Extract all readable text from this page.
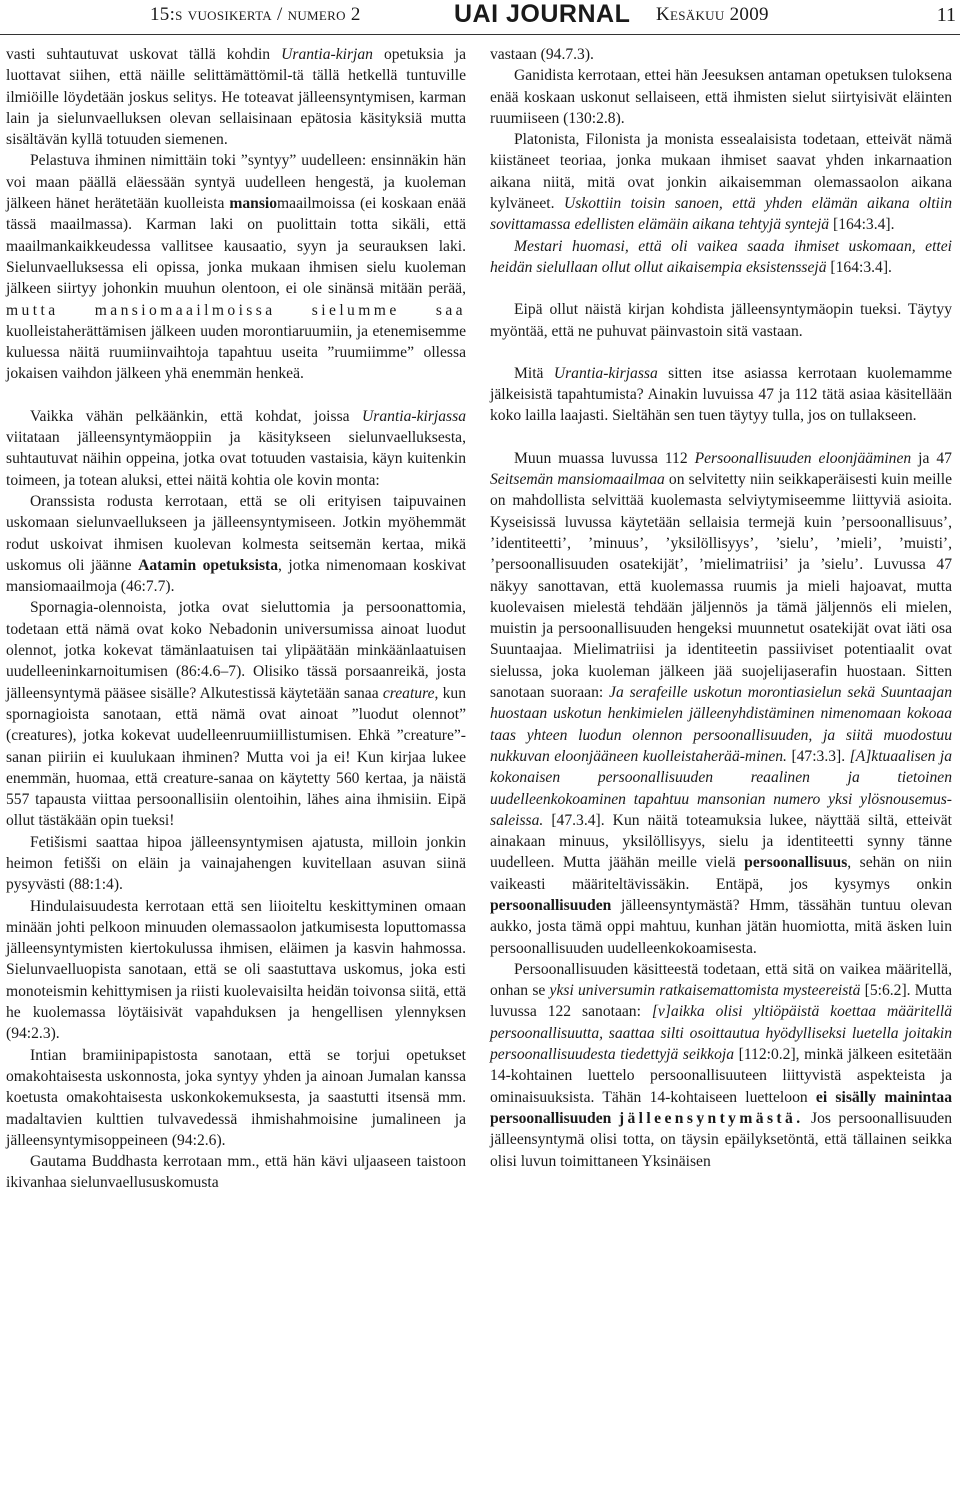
15:s vuosikerta / numero 2	UAI JOURNAL Kesäkuu 2009	11

vasti suhtautuvat uskovat tällä kohdin Urantia-kirjan opetuksia ja luottavat siihen, että näille selittämättömil-tä tällä hetkellä tuntuville ilmiöille löydetään joskus selitys. He toteavat jälleensyntymisen, karman lain ja sielunvaelluksen olevan sellaisinaan epätosia käsityksiä mutta sisältävän kyllä totuuden siemenen.

Pelastuva ihminen nimittäin toki ”syntyy” uudelleen: ensinnäkin hän voi maan päällä eläessään syntyä uudelleen hengestä, ja kuoleman jälkeen hänet herätetään kuolleista mansiomaailmoissa (ei koskaan enää tässä maailmassa). Karman laki on puolittain totta sikäli, että maailmankaikkeudessa vallitsee kausaatio, syyn ja seurauksen laki. Sielunvaelluksessa eli opissa, jonka mukaan ihmisen sielu kuoleman jälkeen siirtyy johonkin muuhun olentoon, ei ole sinänsä mitään perää, mutta mansiomaailmoissa sielumme saa kuolleistaherättämisen jälkeen uuden morontiaruumiin, ja etenemisemme kuluessa näitä ruumiinvaihtoja tapahtuu useita ”ruumiimme” ollessa jokaisen vaihdon jälkeen yhä enemmän henkeä.

Vaikka vähän pelkäänkin, että kohdat, joissa Urantia-kirjassa viitataan jälleensyntymäoppiin ja käsitykseen sielunvaelluksesta, suhtautuvat näihin oppeina, jotka ovat totuuden vastaisia, käyn kuitenkin toimeen, ja totean aluksi, ettei näitä kohtia ole kovin monta:

Oranssista rodusta kerrotaan, että se oli erityisen taipuvainen uskomaan sielunvaellukseen ja jälleensyntymiseen. Jotkin myöhemmät rodut uskoivat ihmisen kuolevan kolmesta seitsemän kertaa, mikä uskomus oli jäänne Aatamin opetuksista, jotka nimenomaan koskivat mansiomaailmoja (46:7.7).

Spornagia-olennoista, jotka ovat sieluttomia ja persoonattomia, todetaan että nämä ovat koko Nebadonin universumissa ainoat luodut olennot, jotka kokevat tämänlaatuisen tai ylipäätään minkäänlaatuisen uudelleeninkarnoitumisen (86:4.6–7). Olisiko tässä porsaanreikä, josta jälleensyntymä pääsee sisälle? Alkutestissä käytetään sanaa creature, kun spornagioista sanotaan, että nämä ovat ainoat ”luodut olennot” (creatures), jotka kokevat uudelleenruumiillistumisen. Ehkä ”creature”-sanan piiriin ei kuulukaan ihminen? Mutta voi ja ei! Kun kirjaa lukee enemmän, huomaa, että creature-sanaa on käytetty 560 kertaa, ja näistä 557 tapausta viittaa persoonallisiin olentoihin, lähes aina ihmisiin. Eipä ollut tästäkään opin tueksi!

Fetišismi saattaa hipoa jälleensyntymisen ajatusta, milloin jonkin heimon fetišši on eläin ja vainajahengen kuvitellaan asuvan siinä pysyvästi (88:1:4).

Hindulaisuudesta kerrotaan että sen liioiteltu keskittyminen omaan minään johti pelkoon minuuden olemassaolon jatkumisesta loputtomassa jälleensyntymisten kiertokulussa ihmisen, eläimen ja kasvin hahmossa. Sielunvaelluopista sanotaan, että se oli saastuttava uskomus, joka esti monoteismin kehittymisen ja riisti kuolevaisilta heidän toivonsa siitä, että he kuolemassa löytäisivät vapahduksen ja hengellisen ylennyksen (94:2.3).

Intian bramiinipapistosta sanotaan, että se torjui opetukset omakohtaisesta uskonnosta, joka syntyy yhden ja ainoan Jumalan kanssa koetusta omakohtaisesta uskonkokemuksesta, ja saastutti itsensä mm. madaltavien kulttien tulvavedessä ihmishahmoisine jumalineen ja jälleensyntymisoppeineen (94:2.6).

Gautama Buddhasta kerrotaan mm., että hän kävi uljaaseen taistoon ikivanhaa sielunvaellususkomusta

vastaan (94.7.3).

Ganidista kerrotaan, ettei hän Jeesuksen antaman opetuksen tuloksena enää koskaan uskonut sellaiseen, että ihmisten sielut siirtyisivät eläinten ruumiiseen (130:2.8).

Platonista, Filonista ja monista essealaisista todetaan, etteivät nämä kiistäneet teoriaa, jonka mukaan ihmiset saavat yhden inkarnaation aikana niitä, mitä ovat jonkin aikaisemman olemassaolon aikana kylväneet. Uskottiin toisin sanoen, että yhden elämän aikana oltiin sovittamassa edellisten elämäin aikana tehtyjä syntejä [164:3.4].

Mestari huomasi, että oli vaikea saada ihmiset uskomaan, ettei heidän sielullaan ollut ollut aikaisempia eksistenssejä [164:3.4].

Eipä ollut näistä kirjan kohdista jälleensyntymäopin tueksi. Täytyy myöntää, että ne puhuvat päinvastoin sitä vastaan.

Mitä Urantia-kirjassa sitten itse asiassa kerrotaan kuolemamme jälkeisistä tapahtumista? Ainakin luvuissa 47 ja 112 tätä asiaa käsitellään koko lailla laajasti. Sieltähän sen tuen täytyy tulla, jos on tullakseen.

Muun muassa luvussa 112 Persoonallisuuden eloonjääminen ja 47 Seitsemän mansiomaailmaa on selvitetty niin seikkaperäisesti kuin meille on mahdollista selvittää kuolemasta selviytymiseemme liittyviä asioita. Kyseisissä luvussa käytetään sellaisia termejä kuin ’persoonallisuus’, ’identiteetti’, ’minuus’, ’yksilöllisyys’, ’sielu’, ’mieli’, ’muisti’, ’persoonallisuuden osatekijät’, ’mielimatriisi’ ja ’sielu’. Luvussa 47 näkyy sanottavan, että kuolemassa ruumis ja mieli hajoavat, mutta kuolevaisen mielestä tehdään jäljennös ja tämä jäljennös eli mielen, muistin ja persoonallisuuden hengeksi muunnetut osatekijät ovat iäti osa Suuntaajaa. Mielimatriisi ja identiteetin passiiviset potentiaalit ovat sielussa, joka kuoleman jälkeen jää suojelijaserafin huostaan. Sitten sanotaan suoraan: Ja serafeille uskotun morontiasielun sekä Suuntaajan huostaan uskotun henkimielen jälleenyhdistäminen nimenomaan kokoaa taas yhteen luodun olennon persoonallisuuden, ja siitä muodostuu nukkuvan eloonjääneen kuolleistaherää-minen. [47:3.3]. [A]ktuaalisen ja kokonaisen persoonallisuuden reaalinen ja tietoinen uudelleenkokoaminen tapahtuu mansonian numero yksi ylösnousemus-saleissa. [47.3.4]. Kun näitä toteamuksia lukee, näyttää siltä, etteivät ainakaan minuus, yksilöllisyys, sielu ja identiteetti synny tänne uudelleen. Mutta jäähän meille vielä persoonallisuus, sehän on niin vaikeasti määriteltävissäkin. Entäpä, jos kysymys onkin persoonallisuuden jälleensyntymästä? Hmm, tässähän tuntuu olevan aukko, josta tämä oppi mahtuu, kunhan jätän huomiotta, mitä äsken luin persoonallisuuden uudelleenkokoamisesta.

Persoonallisuuden käsitteestä todetaan, että sitä on vaikea määritellä, onhan se yksi universumin ratkaisemattomista mysteereistä [5:6.2]. Mutta luvussa 122 sanotaan: [v]aikka olisi yltiöpäistä koettaa määritellä persoonallisuutta, saattaa silti osoittautua hyödylliseksi luetella joitakin persoonallisuudesta tiedettyjä seikkoja [112:0.2], minkä jälkeen esitetään 14-kohtainen luettelo persoonallisuuteen liittyvistä aspekteista ja ominaisuuksista. Tähän 14-kohtaiseen luetteloon ei sisälly mainintaa persoonallisuuden jälleensyntymästä. Jos persoonallisuuden jälleensyntymä olisi totta, on täysin epäilyksetöntä, että tällainen seikka olisi luvun toimittaneen Yksinäisen
